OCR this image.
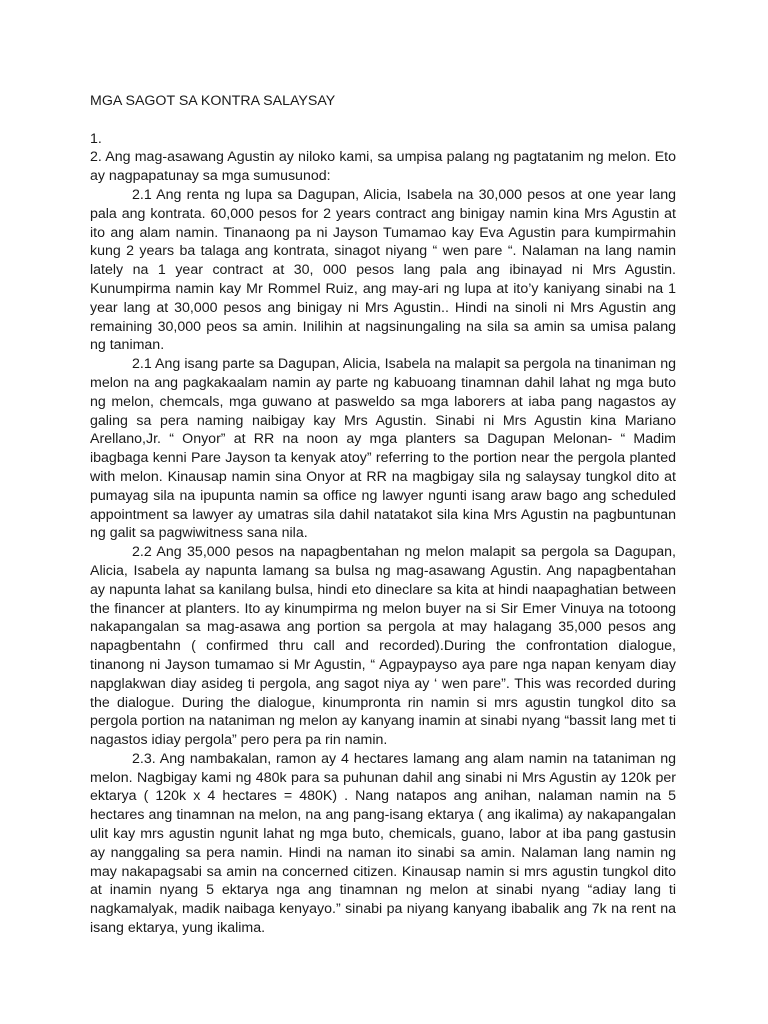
MGA SAGOT SA KONTRA SALAYSAY

1.

2. Ang mag-asawang Agustin ay niloko kami, sa umpisa palang ng pagtatanim ng melon. Eto ay nagpapatunay sa mga sumusunod:

2.1 Ang renta ng lupa sa Dagupan, Alicia, Isabela na 30,000 pesos at one year lang pala ang kontrata. 60,000 pesos for 2 years contract ang binigay namin kina Mrs Agustin at ito ang alam namin. Tinanaong pa ni Jayson Tumamao kay Eva Agustin para kumpirmahin kung 2 years ba talaga ang kontrata, sinagot niyang “ wen pare “. Nalaman na lang namin lately na 1 year contract at 30, 000 pesos lang pala ang ibinayad ni Mrs Agustin. Kunumpirma namin kay Mr Rommel Ruiz, ang may-ari ng lupa at ito’y kaniyang sinabi na 1 year lang at 30,000 pesos ang binigay ni Mrs Agustin.. Hindi na sinoli ni Mrs Agustin ang remaining 30,000 peos sa amin. Inilihin at nagsinungaling na sila sa amin sa umisa palang ng taniman.

2.1 Ang isang parte sa Dagupan, Alicia, Isabela na malapit sa pergola na tinaniman ng melon na ang pagkakaalam namin ay parte ng kabuoang tinamnan dahil lahat ng mga buto ng melon, chemcals, mga guwano at pasweldo sa mga laborers at iaba pang nagastos ay galing sa pera naming naibigay kay Mrs Agustin. Sinabi ni Mrs Agustin kina Mariano Arellano,Jr. “ Onyor” at RR na noon ay mga planters sa Dagupan Melonan- “ Madim ibagbaga kenni Pare Jayson ta kenyak atoy” referring to the portion near the pergola planted with melon. Kinausap namin sina Onyor at RR na magbigay sila ng salaysay tungkol dito at pumayag sila na ipupunta namin sa office ng lawyer ngunti isang araw bago ang scheduled appointment sa lawyer ay umatras sila dahil natatakot sila kina Mrs Agustin na pagbuntunan ng galit sa pagwiwitness sana nila.

2.2 Ang 35,000 pesos na napagbentahan ng melon malapit sa pergola sa Dagupan, Alicia, Isabela ay napunta lamang sa bulsa ng mag-asawang Agustin. Ang napagbentahan ay napunta lahat sa kanilang bulsa, hindi eto dineclare sa kita at hindi naapaghatian between the financer at planters. Ito ay kinumpirma ng melon buyer na si Sir Emer Vinuya na totoong nakapangalan sa mag-asawa ang portion sa pergola at may halagang 35,000 pesos ang napagbentahn ( confirmed thru call and recorded).During the confrontation dialogue, tinanong ni Jayson tumamao si Mr Agustin, “ Agpaypayso aya pare nga napan kenyam diay napglakwan diay asideg ti pergola, ang sagot niya ay ‘ wen pare”. This was recorded during the dialogue. During the dialogue, kinumpronta rin namin si mrs agustin tungkol dito sa pergola portion na nataniman ng melon ay kanyang inamin at sinabi nyang “bassit lang met ti nagastos idiay pergola” pero pera pa rin namin.

2.3. Ang nambakalan, ramon ay 4 hectares lamang ang alam namin na tataniman ng melon. Nagbigay kami ng 480k para sa puhunan dahil ang sinabi ni Mrs Agustin ay 120k per ektarya ( 120k x 4 hectares = 480K) . Nang natapos ang anihan, nalaman namin na 5 hectares ang tinamnan na melon, na ang pang-isang ektarya ( ang ikalima) ay nakapangalan ulit kay mrs agustin ngunit lahat ng mga buto, chemicals, guano, labor at iba pang gastusin ay nanggaling sa pera namin. Hindi na naman ito sinabi sa amin. Nalaman lang namin ng may nakapagsabi sa amin na concerned citizen. Kinausap namin si mrs agustin tungkol dito at inamin nyang 5 ektarya nga ang tinamnan ng melon at sinabi nyang “adiay lang ti nagkamalyak, madik naibaga kenyayo.” sinabi pa niyang kanyang ibabalik ang 7k na rent na isang ektarya, yung ikalima.
